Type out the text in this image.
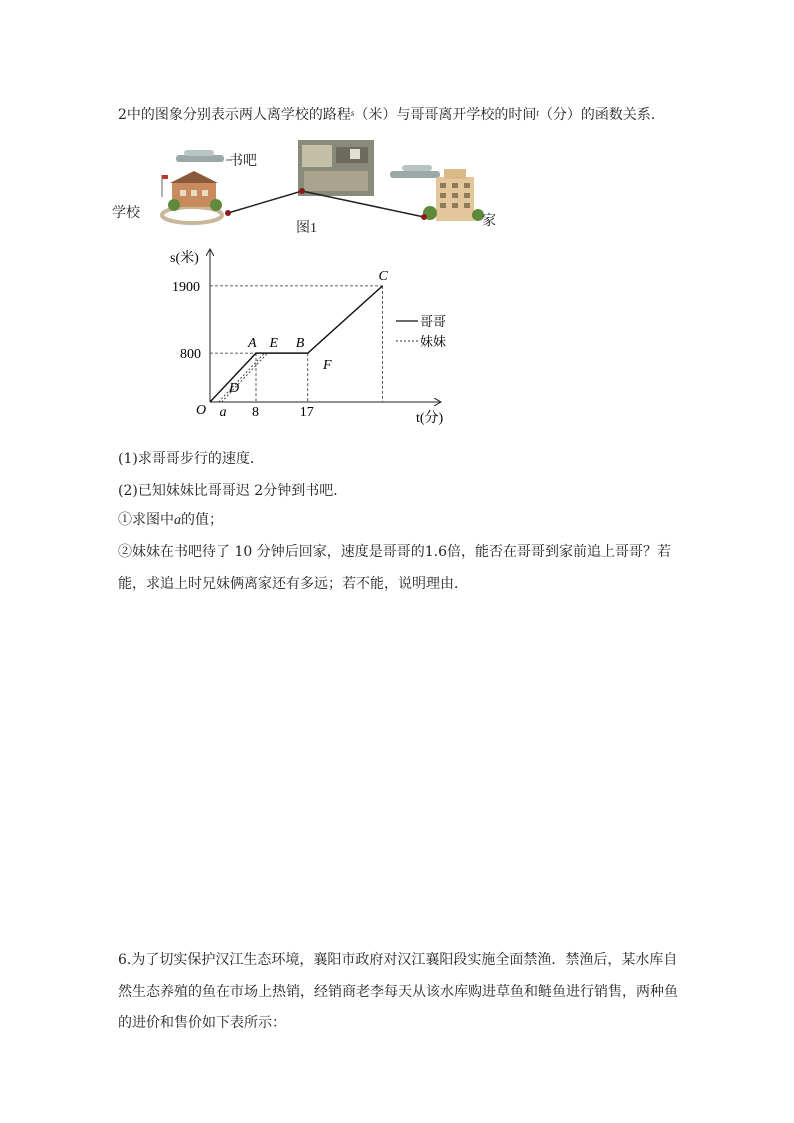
2中的图象分别表示两人离学校的路程$^s$（米）与哥哥离开学校的时间$^t$（分）的函数关系．
书吧
学校
家
图1
s(米)
t(分)
O
1900
800
8	17
a
A E B
C
D
F
哥哥
妹妹
(1)求哥哥步行的速度．
(2)已知妹妹比哥哥迟 2分钟到书吧．
①求图中a的值；
②妹妹在书吧待了 10 分钟后回家，速度是哥哥的1.6倍，能否在哥哥到家前追上哥哥？若
能，求追上时兄妹俩离家还有多远；若不能，说明理由．
6.为了切实保护汉江生态环境，襄阳市政府对汉江襄阳段实施全面禁渔．禁渔后，某水库自
然生态养殖的鱼在市场上热销，经销商老李每天从该水库购进草鱼和鲢鱼进行销售，两种鱼
的进价和售价如下表所示：
